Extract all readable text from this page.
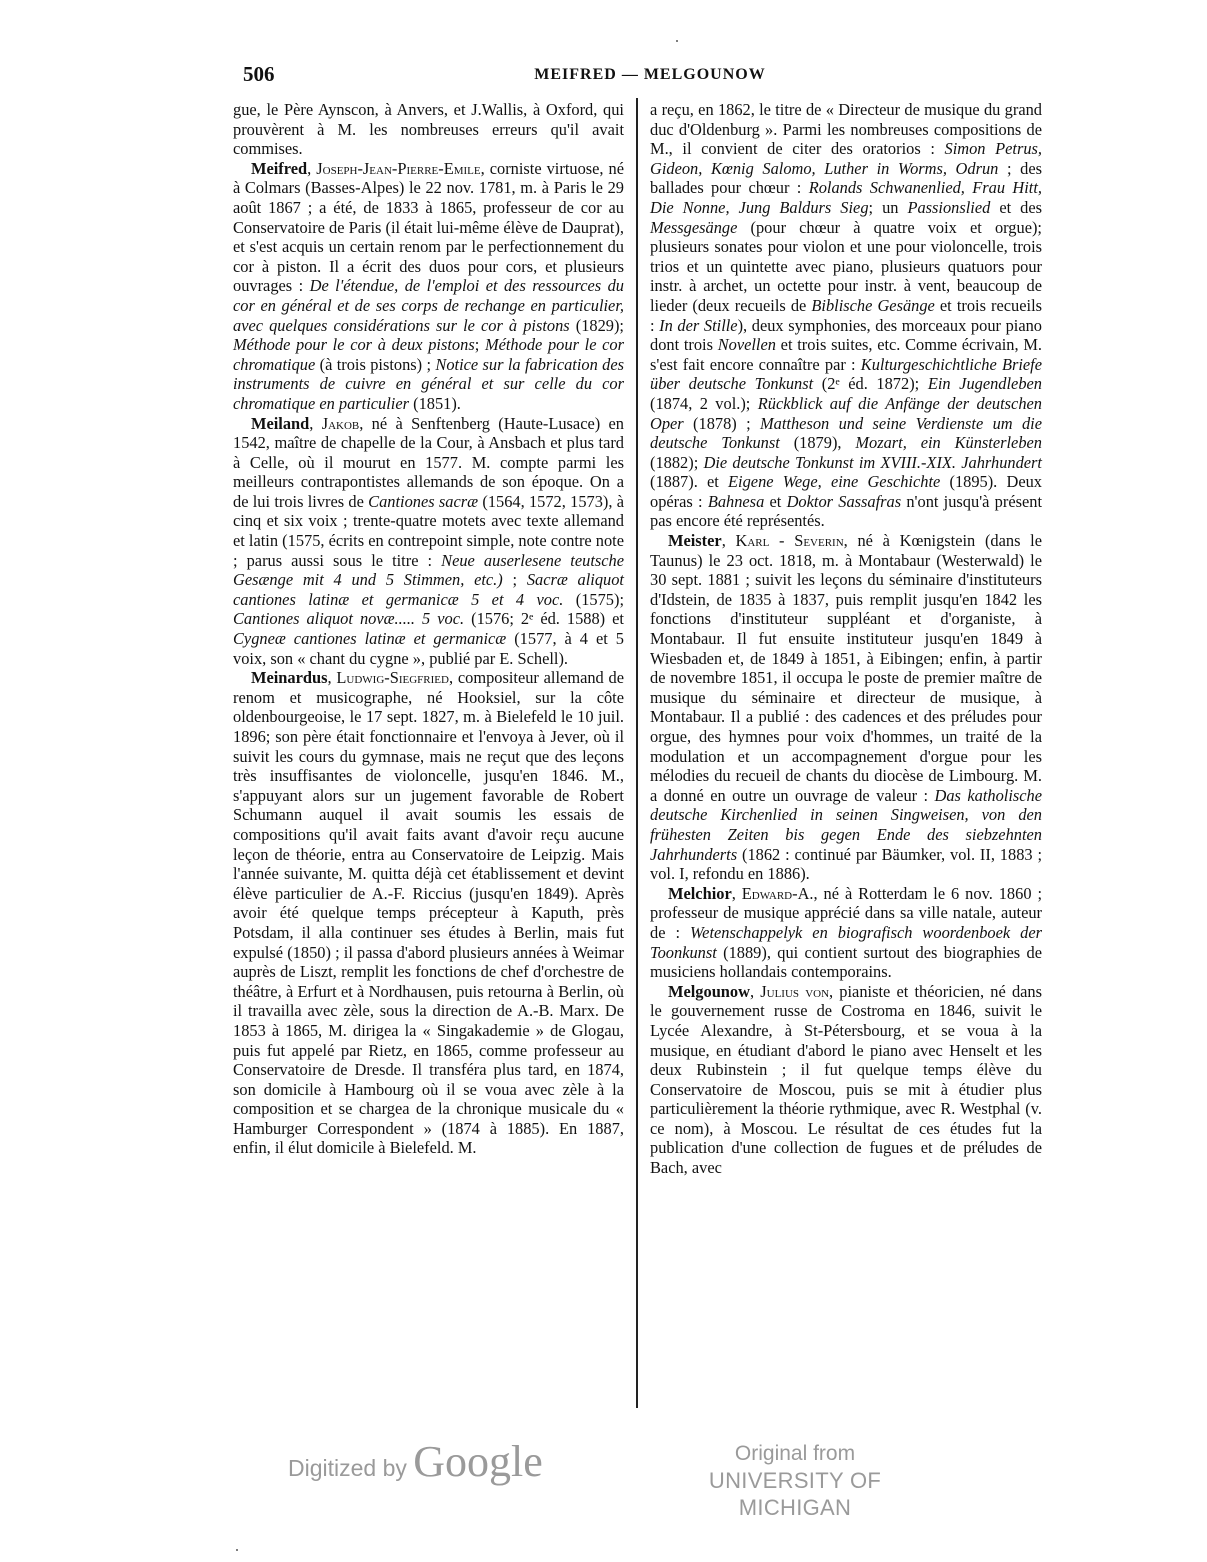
506	MEIFRED — MELGOUNOW

gue, le Père Aynscon, à Anvers, et J.Wallis, à Oxford, qui prouvèrent à M. les nombreuses erreurs qu'il avait commises.

Meifred, Joseph-Jean-Pierre-Emile, corniste virtuose, né à Colmars (Basses-Alpes) le 22 nov. 1781, m. à Paris le 29 août 1867 ; a été, de 1833 à 1865, professeur de cor au Conservatoire de Paris (il était lui-même élève de Dauprat), et s'est acquis un certain renom par le perfectionnement du cor à piston. Il a écrit des duos pour cors, et plusieurs ouvrages : De l'étendue, de l'emploi et des ressources du cor en général et de ses corps de rechange en particulier, avec quelques considérations sur le cor à pistons (1829); Méthode pour le cor à deux pistons; Méthode pour le cor chromatique (à trois pistons) ; Notice sur la fabrication des instruments de cuivre en général et sur celle du cor chromatique en particulier (1851).

Meiland, Jakob, né à Senftenberg (Haute-Lusace) en 1542, maître de chapelle de la Cour, à Ansbach et plus tard à Celle, où il mourut en 1577. M. compte parmi les meilleurs contrapontistes allemands de son époque. On a de lui trois livres de Cantiones sacræ (1564, 1572, 1573), à cinq et six voix ; trente-quatre motets avec texte allemand et latin (1575, écrits en contrepoint simple, note contre note ; parus aussi sous le titre : Neue auserlesene teutsche Gesænge mit 4 und 5 Stimmen, etc.) ; Sacræ aliquot cantiones latinæ et germanicæ 5 et 4 voc. (1575); Cantiones aliquot novæ..... 5 voc. (1576; 2ᵉ éd. 1588) et Cygneæ cantiones latinæ et germanicæ (1577, à 4 et 5 voix, son « chant du cygne », publié par E. Schell).

Meinardus, Ludwig-Siegfried, compositeur allemand de renom et musicographe, né Hooksiel, sur la côte oldenbourgeoise, le 17 sept. 1827, m. à Bielefeld le 10 juil. 1896; son père était fonctionnaire et l'envoya à Jever, où il suivit les cours du gymnase, mais ne reçut que des leçons très insuffisantes de violoncelle, jusqu'en 1846. M., s'appuyant alors sur un jugement favorable de Robert Schumann auquel il avait soumis les essais de compositions qu'il avait faits avant d'avoir reçu aucune leçon de théorie, entra au Conservatoire de Leipzig. Mais l'année suivante, M. quitta déjà cet établissement et devint élève particulier de A.-F. Riccius (jusqu'en 1849). Après avoir été quelque temps précepteur à Kaputh, près Potsdam, il alla continuer ses études à Berlin, mais fut expulsé (1850) ; il passa d'abord plusieurs années à Weimar auprès de Liszt, remplit les fonctions de chef d'orchestre de théâtre, à Erfurt et à Nordhausen, puis retourna à Berlin, où il travailla avec zèle, sous la direction de A.-B. Marx. De 1853 à 1865, M. dirigea la « Singakademie » de Glogau, puis fut appelé par Rietz, en 1865, comme professeur au Conservatoire de Dresde. Il transféra plus tard, en 1874, son domicile à Hambourg où il se voua avec zèle à la composition et se chargea de la chronique musicale du « Hamburger Correspondent » (1874 à 1885). En 1887, enfin, il élut domicile à Bielefeld. M.

a reçu, en 1862, le titre de « Directeur de musique du grand duc d'Oldenburg ». Parmi les nombreuses compositions de M., il convient de citer des oratorios : Simon Petrus, Gideon, Kœnig Salomo, Luther in Worms, Odrun ; des ballades pour chœur : Rolands Schwanenlied, Frau Hitt, Die Nonne, Jung Baldurs Sieg; un Passionslied et des Messgesänge (pour chœur à quatre voix et orgue); plusieurs sonates pour violon et une pour violoncelle, trois trios et un quintette avec piano, plusieurs quatuors pour instr. à archet, un octette pour instr. à vent, beaucoup de lieder (deux recueils de Biblische Gesänge et trois recueils : In der Stille), deux symphonies, des morceaux pour piano dont trois Novellen et trois suites, etc. Comme écrivain, M. s'est fait encore connaître par : Kulturgeschichtliche Briefe über deutsche Tonkunst (2ᵉ éd. 1872); Ein Jugendleben (1874, 2 vol.); Rückblick auf die Anfänge der deutschen Oper (1878) ; Mattheson und seine Verdienste um die deutsche Tonkunst (1879), Mozart, ein Künsterleben (1882); Die deutsche Tonkunst im XVIII.-XIX. Jahrhundert (1887). et Eigene Wege, eine Geschichte (1895). Deux opéras : Bahnesa et Doktor Sassafras n'ont jusqu'à présent pas encore été représentés.

Meister, Karl - Severin, né à Kœnigstein (dans le Taunus) le 23 oct. 1818, m. à Montabaur (Westerwald) le 30 sept. 1881 ; suivit les leçons du séminaire d'instituteurs d'Idstein, de 1835 à 1837, puis remplit jusqu'en 1842 les fonctions d'instituteur suppléant et d'organiste, à Montabaur. Il fut ensuite instituteur jusqu'en 1849 à Wiesbaden et, de 1849 à 1851, à Eibingen; enfin, à partir de novembre 1851, il occupa le poste de premier maître de musique du séminaire et directeur de musique, à Montabaur. Il a publié : des cadences et des préludes pour orgue, des hymnes pour voix d'hommes, un traité de la modulation et un accompagnement d'orgue pour les mélodies du recueil de chants du diocèse de Limbourg. M. a donné en outre un ouvrage de valeur : Das katholische deutsche Kirchenlied in seinen Singweisen, von den frühesten Zeiten bis gegen Ende des siebzehnten Jahrhunderts (1862 : continué par Bäumker, vol. II, 1883 ; vol. I, refondu en 1886).

Melchior, Edward-A., né à Rotterdam le 6 nov. 1860 ; professeur de musique apprécié dans sa ville natale, auteur de : Wetenschappelyk en biografisch woordenboek der Toonkunst (1889), qui contient surtout des biographies de musiciens hollandais contemporains.

Melgounow, Julius von, pianiste et théoricien, né dans le gouvernement russe de Costroma en 1846, suivit le Lycée Alexandre, à St-Pétersbourg, et se voua à la musique, en étudiant d'abord le piano avec Henselt et les deux Rubinstein ; il fut quelque temps élève du Conservatoire de Moscou, puis se mit à étudier plus particulièrement la théorie rythmique, avec R. Westphal (v. ce nom), à Moscou. Le résultat de ces études fut la publication d'une collection de fugues et de préludes de Bach, avec

Digitized by Google	Original from
UNIVERSITY OF MICHIGAN
